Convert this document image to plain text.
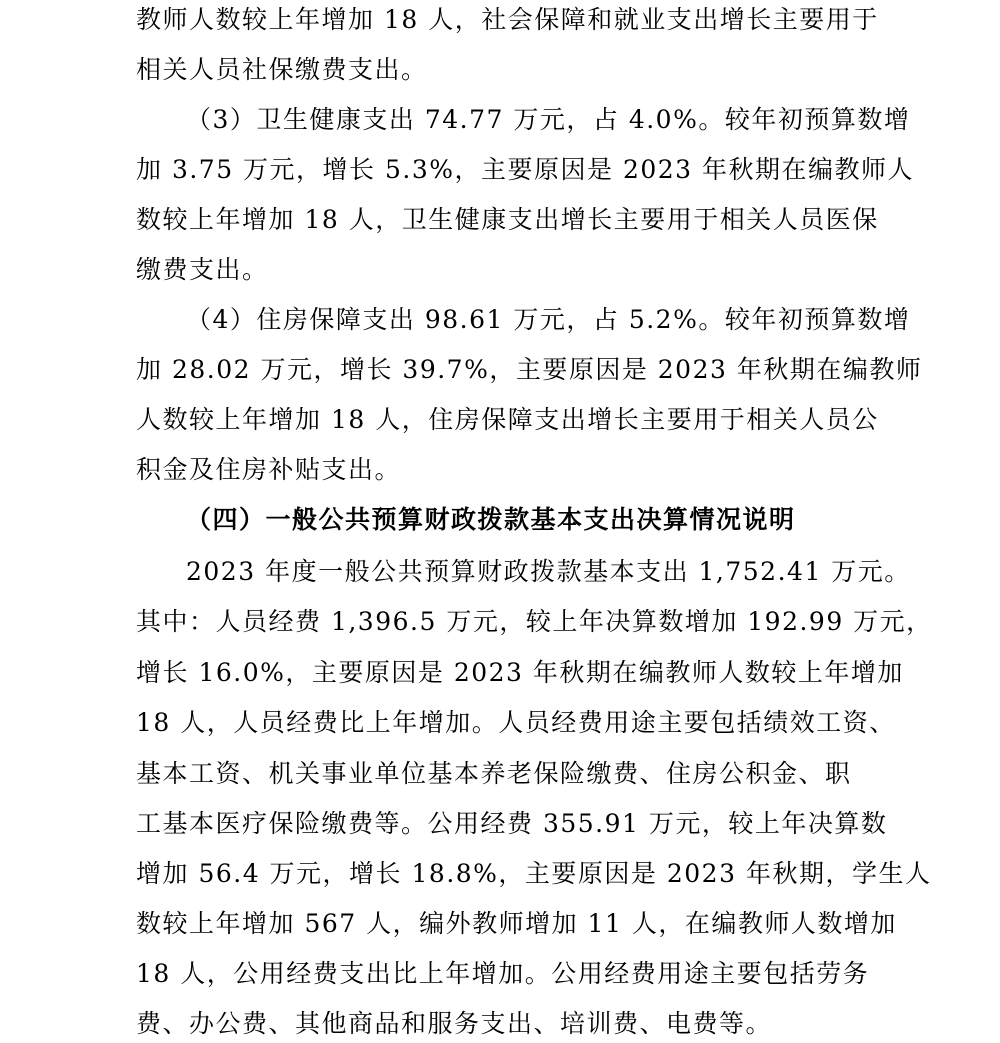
教师人数较上年增加 18 人，社会保障和就业支出增长主要用于
相关人员社保缴费支出。
（3）卫生健康支出 74.77 万元，占 4.0%。较年初预算数增
加 3.75 万元，增长 5.3%，主要原因是 2023 年秋期在编教师人
数较上年增加 18 人，卫生健康支出增长主要用于相关人员医保
缴费支出。
（4）住房保障支出 98.61 万元，占 5.2%。较年初预算数增
加 28.02 万元，增长 39.7%，主要原因是 2023 年秋期在编教师
人数较上年增加 18 人，住房保障支出增长主要用于相关人员公
积金及住房补贴支出。
（四）一般公共预算财政拨款基本支出决算情况说明
2023 年度一般公共预算财政拨款基本支出 1,752.41 万元。
其中：人员经费 1,396.5 万元，较上年决算数增加 192.99 万元，
增长 16.0%，主要原因是 2023 年秋期在编教师人数较上年增加
18 人，人员经费比上年增加。人员经费用途主要包括绩效工资、
基本工资、机关事业单位基本养老保险缴费、住房公积金、职
工基本医疗保险缴费等。公用经费 355.91 万元，较上年决算数
增加 56.4 万元，增长 18.8%，主要原因是 2023 年秋期，学生人
数较上年增加 567 人，编外教师增加 11 人，在编教师人数增加
18 人，公用经费支出比上年增加。公用经费用途主要包括劳务
费、办公费、其他商品和服务支出、培训费、电费等。
